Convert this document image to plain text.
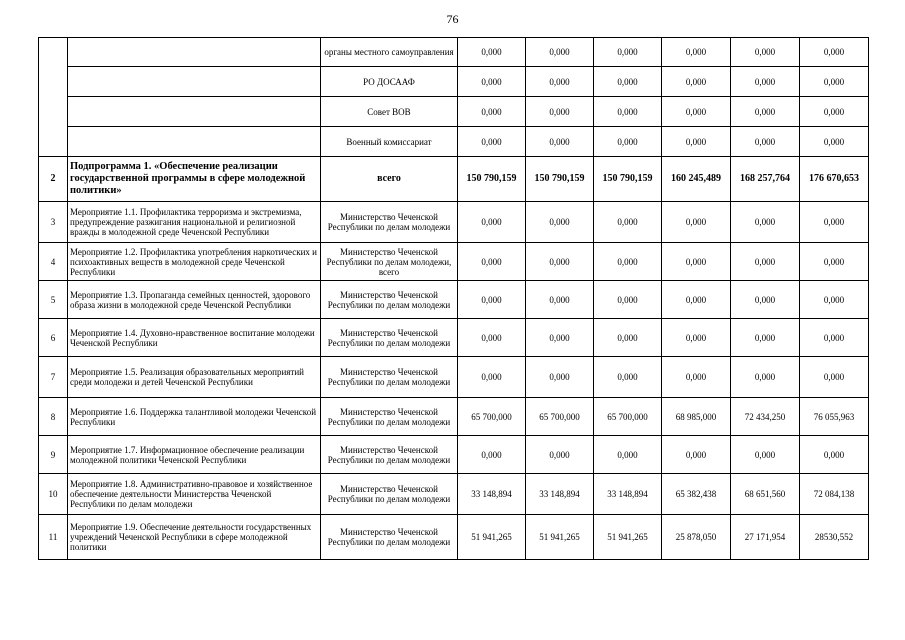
76
		органы местного самоуправления	0,000	0,000	0,000	0,000	0,000	0,000
		РО ДОСААФ	0,000	0,000	0,000	0,000	0,000	0,000
		Совет ВОВ	0,000	0,000	0,000	0,000	0,000	0,000
		Военный комиссариат	0,000	0,000	0,000	0,000	0,000	0,000
2	Подпрограмма 1. «Обеспечение реализации государственной программы в сфере молодежной политики»	всего	150 790,159	150 790,159	150 790,159	160 245,489	168 257,764	176 670,653
3	Мероприятие 1.1. Профилактика терроризма и экстремизма, предупреждение разжигания национальной и религиозной вражды в молодежной среде Чеченской Республики	Министерство Чеченской Республики по делам молодежи	0,000	0,000	0,000	0,000	0,000	0,000
4	Мероприятие 1.2. Профилактика употребления наркотических и психоактивных веществ в молодежной среде Чеченской Республики	Министерство Чеченской Республики по делам молодежи, всего	0,000	0,000	0,000	0,000	0,000	0,000
5	Мероприятие 1.3. Пропаганда семейных ценностей, здорового образа жизни в молодежной среде Чеченской Республики	Министерство Чеченской Республики по делам молодежи	0,000	0,000	0,000	0,000	0,000	0,000
6	Мероприятие 1.4. Духовно-нравственное воспитание молодежи Чеченской Республики	Министерство Чеченской Республики по делам молодежи	0,000	0,000	0,000	0,000	0,000	0,000
7	Мероприятие 1.5. Реализация образовательных мероприятий среди молодежи и детей Чеченской Республики	Министерство Чеченской Республики по делам молодежи	0,000	0,000	0,000	0,000	0,000	0,000
8	Мероприятие 1.6. Поддержка талантливой молодежи Чеченской Республики	Министерство Чеченской Республики по делам молодежи	65 700,000	65 700,000	65 700,000	68 985,000	72 434,250	76 055,963
9	Мероприятие 1.7. Информационное обеспечение реализации молодежной политики Чеченской Республики	Министерство Чеченской Республики по делам молодежи	0,000	0,000	0,000	0,000	0,000	0,000
10	Мероприятие 1.8. Административно-правовое и хозяйственное обеспечение деятельности Министерства Чеченской Республики по делам молодежи	Министерство Чеченской Республики по делам молодежи	33 148,894	33 148,894	33 148,894	65 382,438	68 651,560	72 084,138
11	Мероприятие 1.9. Обеспечение деятельности государственных учреждений Чеченской Республики в сфере молодежной политики	Министерство Чеченской Республики по делам молодежи	51 941,265	51 941,265	51 941,265	25 878,050	27 171,954	28530,552
